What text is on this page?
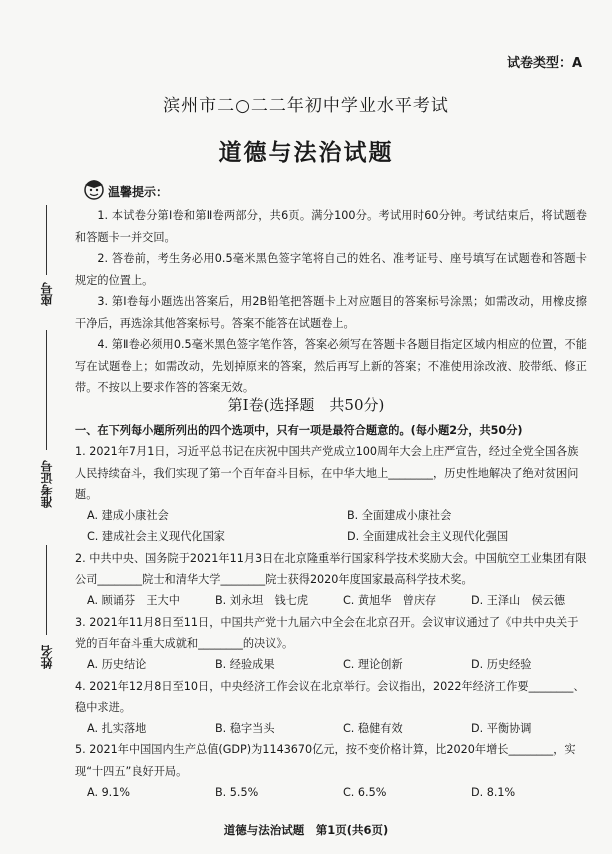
试卷类型：A
滨州市二○二二年初中学业水平考试
道德与法治试题
温馨提示：

1. 本试卷分第Ⅰ卷和第Ⅱ卷两部分，共6页。满分100分。考试用时60分钟。考试结束后，将试题卷和答题卡一并交回。

2. 答卷前，考生务必用0.5毫米黑色签字笔将自己的姓名、准考证号、座号填写在试题卷和答题卡规定的位置上。

3. 第Ⅰ卷每小题选出答案后，用2B铅笔把答题卡上对应题目的答案标号涂黑；如需改动，用橡皮擦干净后，再选涂其他答案标号。答案不能答在试题卷上。

4. 第Ⅱ卷必须用0.5毫米黑色签字笔作答，答案必须写在答题卡各题目指定区域内相应的位置，不能写在试题卷上；如需改动，先划掉原来的答案，然后再写上新的答案；不准使用涂改液、胶带纸、修正带。不按以上要求作答的答案无效。

第Ⅰ卷(选择题　共50分)

一、在下列每小题所列出的四个选项中，只有一项是最符合题意的。(每小题2分，共50分)

1. 2021年7月1日，习近平总书记在庆祝中国共产党成立100周年大会上庄严宣告，经过全党全国各族人民持续奋斗，我们实现了第一个百年奋斗目标，在中华大地上________，历史性地解决了绝对贫困问题。

A. 建成小康社会	B. 全面建成小康社会
C. 建成社会主义现代化国家	D. 全面建成社会主义现代化强国

2. 中共中央、国务院于2021年11月3日在北京隆重举行国家科学技术奖励大会。中国航空工业集团有限公司________院士和清华大学________院士获得2020年度国家最高科学技术奖。

A. 顾诵芬　王大中	B. 刘永坦　钱七虎	C. 黄旭华　曾庆存	D. 王泽山　侯云德

3. 2021年11月8日至11日，中国共产党十九届六中全会在北京召开。会议审议通过了《中共中央关于党的百年奋斗重大成就和________的决议》。

A. 历史结论	B. 经验成果	C. 理论创新	D. 历史经验

4. 2021年12月8日至10日，中央经济工作会议在北京举行。会议指出，2022年经济工作要________、稳中求进。

A. 扎实落地	B. 稳字当头	C. 稳健有效	D. 平衡协调

5. 2021年中国国内生产总值(GDP)为1143670亿元，按不变价格计算，比2020年增长________，实现“十四五”良好开局。

A. 9.1%	B. 5.5%	C. 6.5%	D. 8.1%
座号
准考证号
姓名
道德与法治试题　第1页(共6页)
